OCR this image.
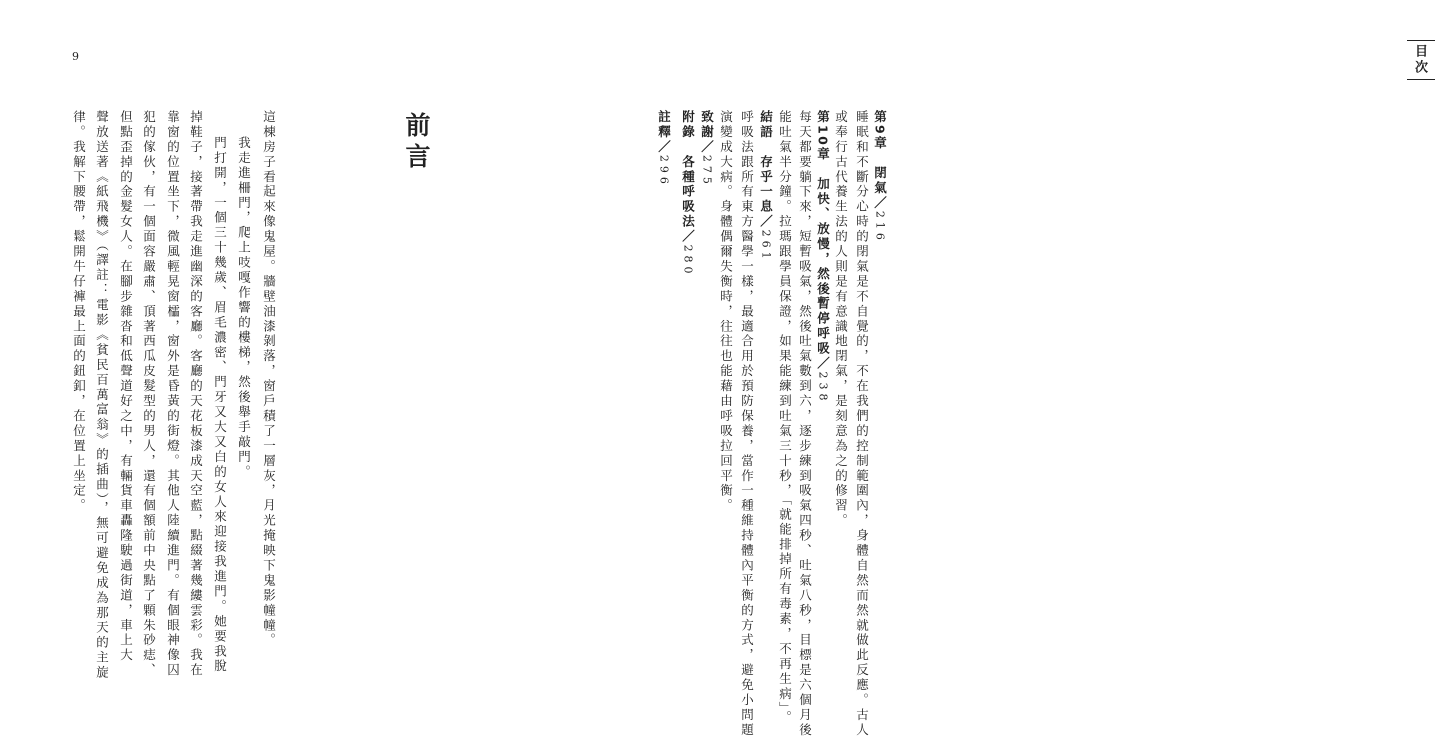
9
前言
這棟房子看起來像鬼屋。牆壁油漆剝落，窗戶積了一層灰，月光掩映下鬼影幢幢。
我走進柵門，爬上吱嘎作響的樓梯，然後舉手敲門。
門打開，一個三十幾歲、眉毛濃密、門牙又大又白的女人來迎接我進門。她要我脫
掉鞋子，接著帶我走進幽深的客廳。客廳的天花板漆成天空藍，點綴著幾縷雲彩。我在
靠窗的位置坐下，微風輕晃窗櫺，窗外是昏黃的街燈。其他人陸續進門。有個眼神像囚
犯的傢伙，有一個面容嚴肅、頂著西瓜皮髮型的男人，還有個額前中央點了顆朱砂痣、
但點歪掉的金髮女人。在腳步雜沓和低聲道好之中，有輛貨車轟隆駛過街道，車上大
聲放送著《紙飛機》（譯註：電影《貧民百萬富翁》的插曲），無可避免成為那天的主旋
律。我解下腰帶，鬆開牛仔褲最上面的鈕釦，在位置上坐定。
目次
第9章　閉氣／216
睡眠和不斷分心時的閉氣是不自覺的，不在我們的控制範圍內，身體自然而然就做此反應。古人
或奉行古代養生法的人則是有意識地閉氣，是刻意為之的修習。
第10章　加快、放慢，然後暫停呼吸／238
每天都要躺下來，短暫吸氣，然後吐氣數到六，逐步練到吸氣四秒、吐氣八秒，目標是六個月後
能吐氣半分鐘。拉瑪跟學員保證，如果能練到吐氣三十秒，「就能排掉所有毒素，不再生病」。
結語　存乎一息／261
呼吸法跟所有東方醫學一樣，最適合用於預防保養，當作一種維持體內平衡的方式，避免小問題
演變成大病。身體偶爾失衡時，往往也能藉由呼吸拉回平衡。
致謝／275
附錄　各種呼吸法／280
註釋／296
